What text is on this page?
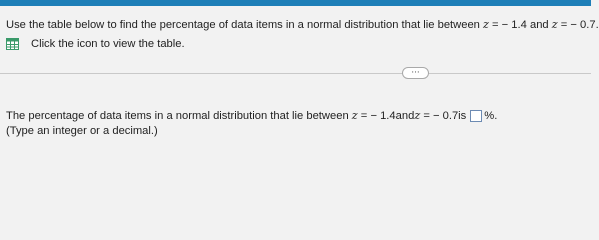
Use the table below to find the percentage of data items in a normal distribution that lie between z = − 1.4 and z = − 0.7.
Click the icon to view the table.
···
The percentage of data items in a normal distribution that lie between
z = − 1.4 and z = − 0.7 is %.
(Type an integer or a decimal.)
